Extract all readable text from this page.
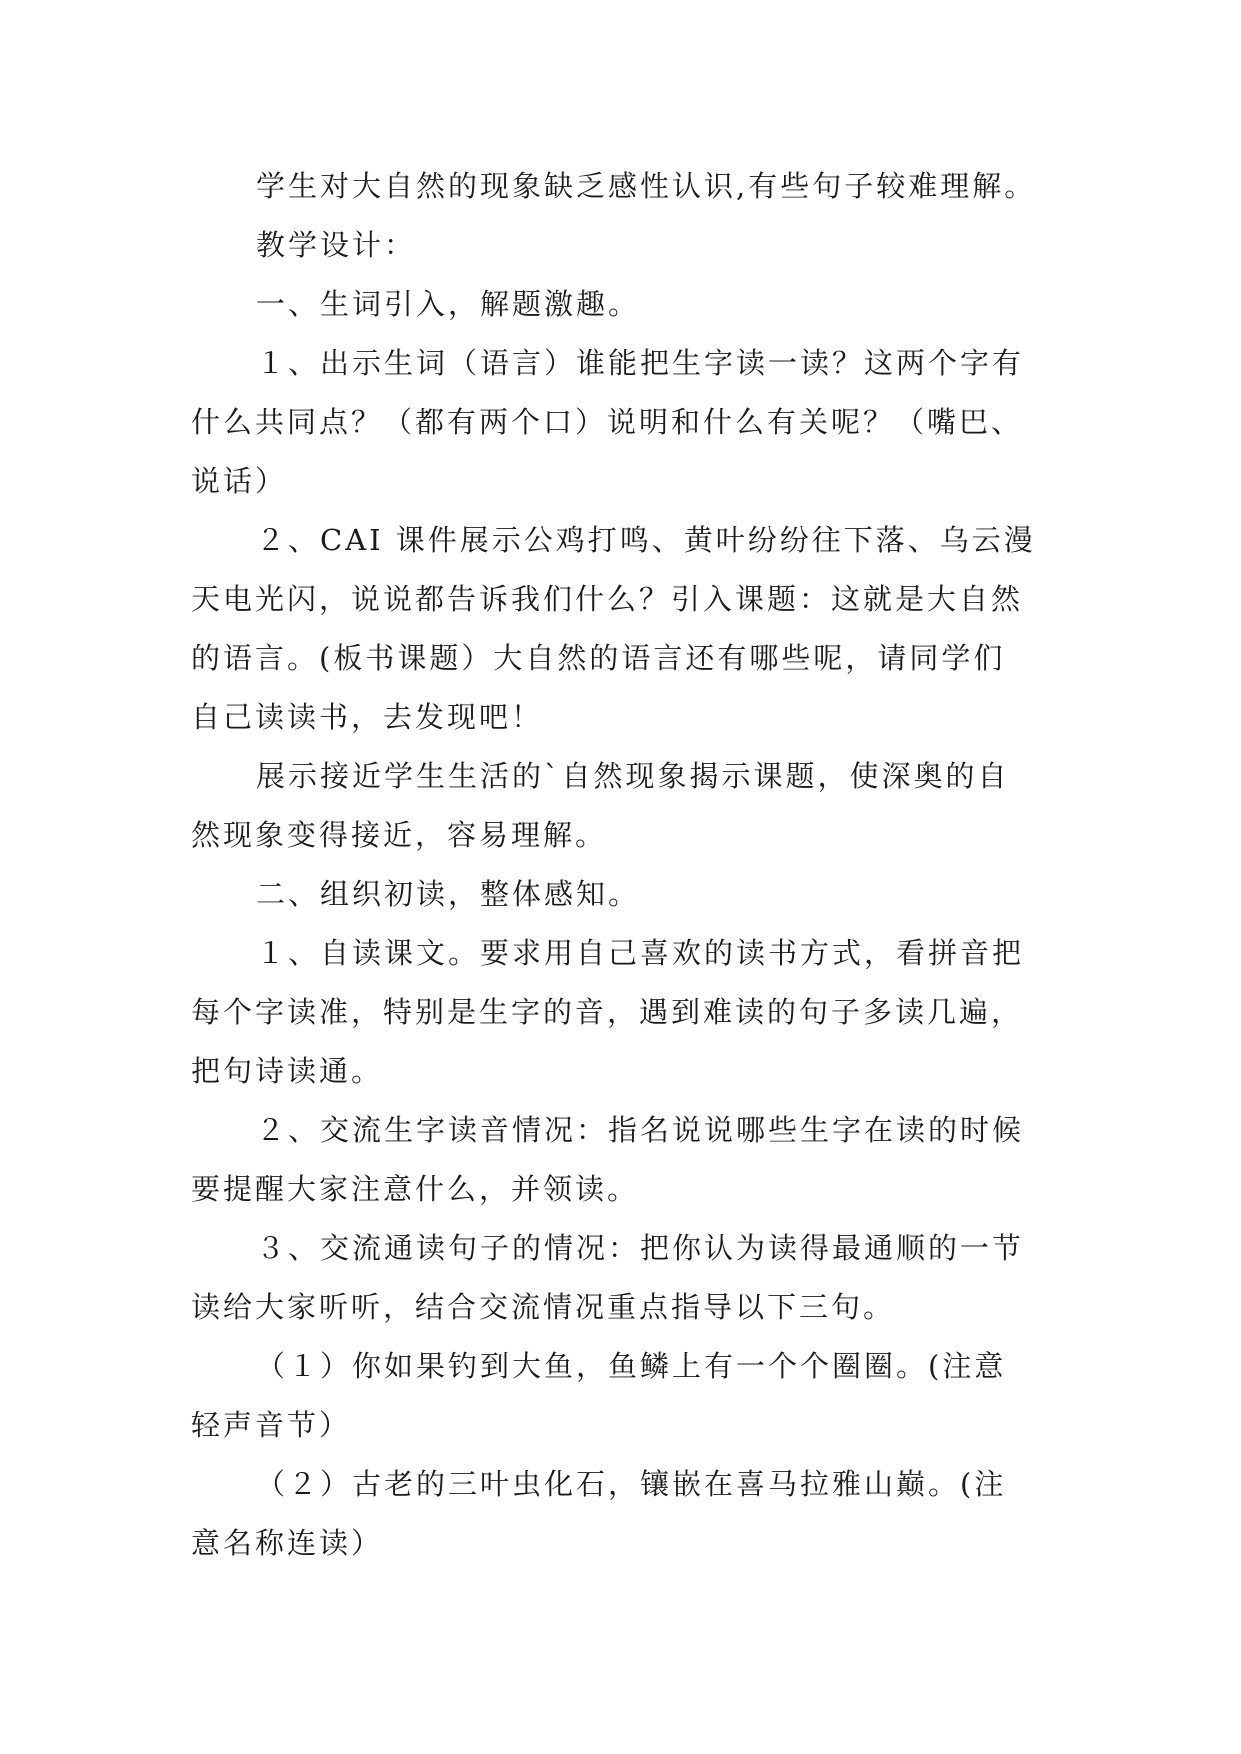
学生对大自然的现象缺乏感性认识,有些句子较难理解。

教学设计：

一、生词引入，解题激趣。

１、出示生词（语言）谁能把生字读一读？这两个字有

什么共同点？（都有两个口）说明和什么有关呢？（嘴巴、

说话）

２、CAI 课件展示公鸡打鸣、黄叶纷纷往下落、乌云漫

天电光闪，说说都告诉我们什么？引入课题：这就是大自然

的语言。(板书课题）大自然的语言还有哪些呢，请同学们

自己读读书，去发现吧！

展示接近学生生活的`自然现象揭示课题，使深奥的自

然现象变得接近，容易理解。

二、组织初读，整体感知。

１、自读课文。要求用自己喜欢的读书方式，看拼音把

每个字读准，特别是生字的音，遇到难读的句子多读几遍，

把句诗读通。

２、交流生字读音情况：指名说说哪些生字在读的时候

要提醒大家注意什么，并领读。

３、交流通读句子的情况：把你认为读得最通顺的一节

读给大家听听，结合交流情况重点指导以下三句。

（１）你如果钓到大鱼，鱼鳞上有一个个圈圈。(注意

轻声音节）

（２）古老的三叶虫化石，镶嵌在喜马拉雅山巅。(注

意名称连读）
